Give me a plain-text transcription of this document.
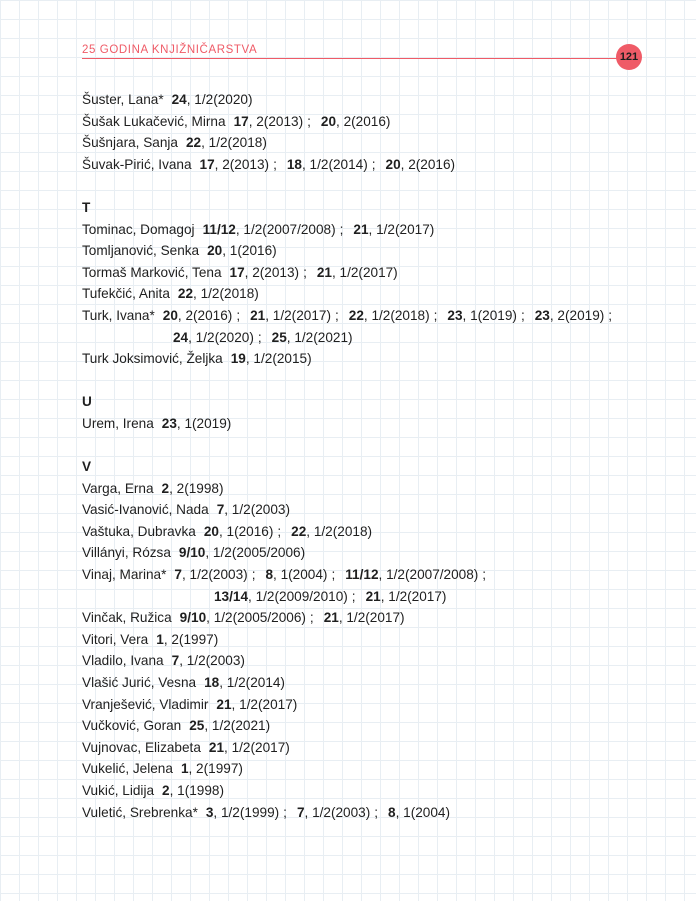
25 GODINA KNJIŽNIČARSTVA
121
Šuster, Lana* 24, 1/2(2020)
Šušak Lukačević, Mirna 17, 2(2013) ; 20, 2(2016)
Šušnjara, Sanja 22, 1/2(2018)
Šuvak-Pirić, Ivana 17, 2(2013) ; 18, 1/2(2014) ; 20, 2(2016)
T
Tominac, Domagoj 11/12, 1/2(2007/2008) ; 21, 1/2(2017)
Tomljanović, Senka 20, 1(2016)
Tormaš Marković, Tena 17, 2(2013) ; 21, 1/2(2017)
Tufekčić, Anita 22, 1/2(2018)
Turk, Ivana* 20, 2(2016) ; 21, 1/2(2017) ; 22, 1/2(2018) ; 23, 1(2019) ; 23, 2(2019) ;
24, 1/2(2020) ; 25, 1/2(2021)
Turk Joksimović, Željka 19, 1/2(2015)
U
Urem, Irena 23, 1(2019)
V
Varga, Erna 2, 2(1998)
Vasić-Ivanović, Nada 7, 1/2(2003)
Vaštuka, Dubravka 20, 1(2016) ; 22, 1/2(2018)
Villányi, Rózsa 9/10, 1/2(2005/2006)
Vinaj, Marina* 7, 1/2(2003) ; 8, 1(2004) ; 11/12, 1/2(2007/2008) ;
13/14, 1/2(2009/2010) ; 21, 1/2(2017)
Vinčak, Ružica 9/10, 1/2(2005/2006) ; 21, 1/2(2017)
Vitori, Vera 1, 2(1997)
Vladilo, Ivana 7, 1/2(2003)
Vlašić Jurić, Vesna 18, 1/2(2014)
Vranješević, Vladimir 21, 1/2(2017)
Vučković, Goran 25, 1/2(2021)
Vujnovac, Elizabeta 21, 1/2(2017)
Vukelić, Jelena 1, 2(1997)
Vukić, Lidija 2, 1(1998)
Vuletić, Srebrenka* 3, 1/2(1999) ; 7, 1/2(2003) ; 8, 1(2004)
